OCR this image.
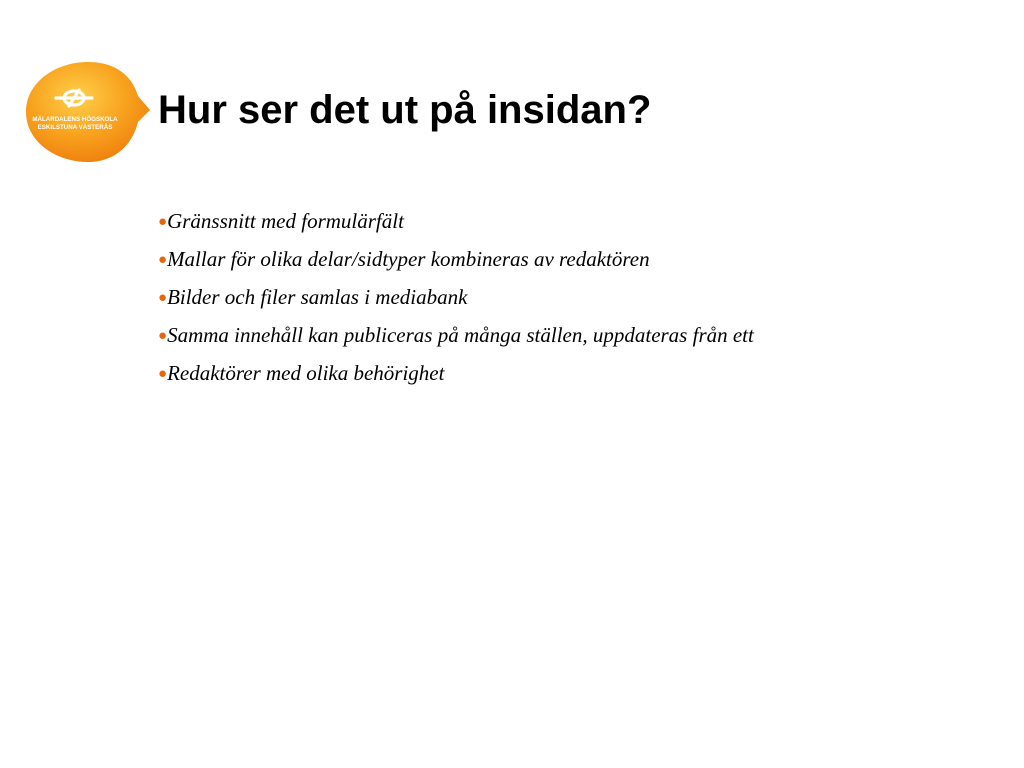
MÄLARDALENS HÖGSKOLA
ESKILSTUNA VÄSTERÅS Hur ser det ut på insidan?
●Gränssnitt med formulärfält
●Mallar för olika delar/sidtyper kombineras av redaktören
●Bilder och filer samlas i mediabank
●Samma innehåll kan publiceras på många ställen, uppdateras från ett
●Redaktörer med olika behörighet
